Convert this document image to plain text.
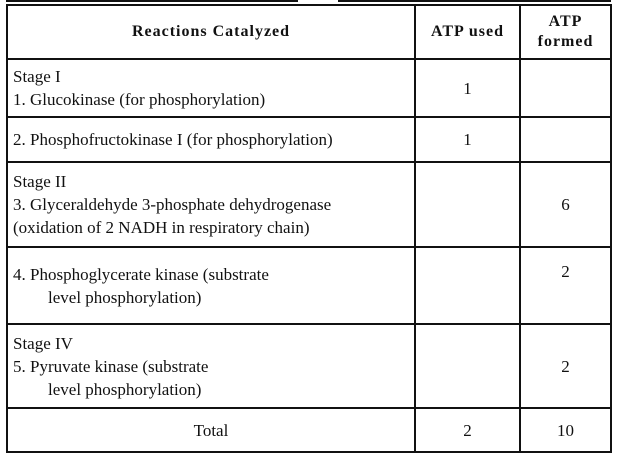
Reactions Catalyzed	ATP used	ATP
formed

Stage I
1. Glucokinase (for phosphorylation)	1	

2. Phosphofructokinase I (for phosphorylation)	1	

Stage II
3. Glyceraldehyde 3-phosphate dehydrogenase
(oxidation of 2 NADH in respiratory chain)		6

4. Phosphoglycerate kinase (substrate
level phosphorylation)		2

Stage IV
5. Pyruvate kinase (substrate
level phosphorylation)		2
Total	2	10
